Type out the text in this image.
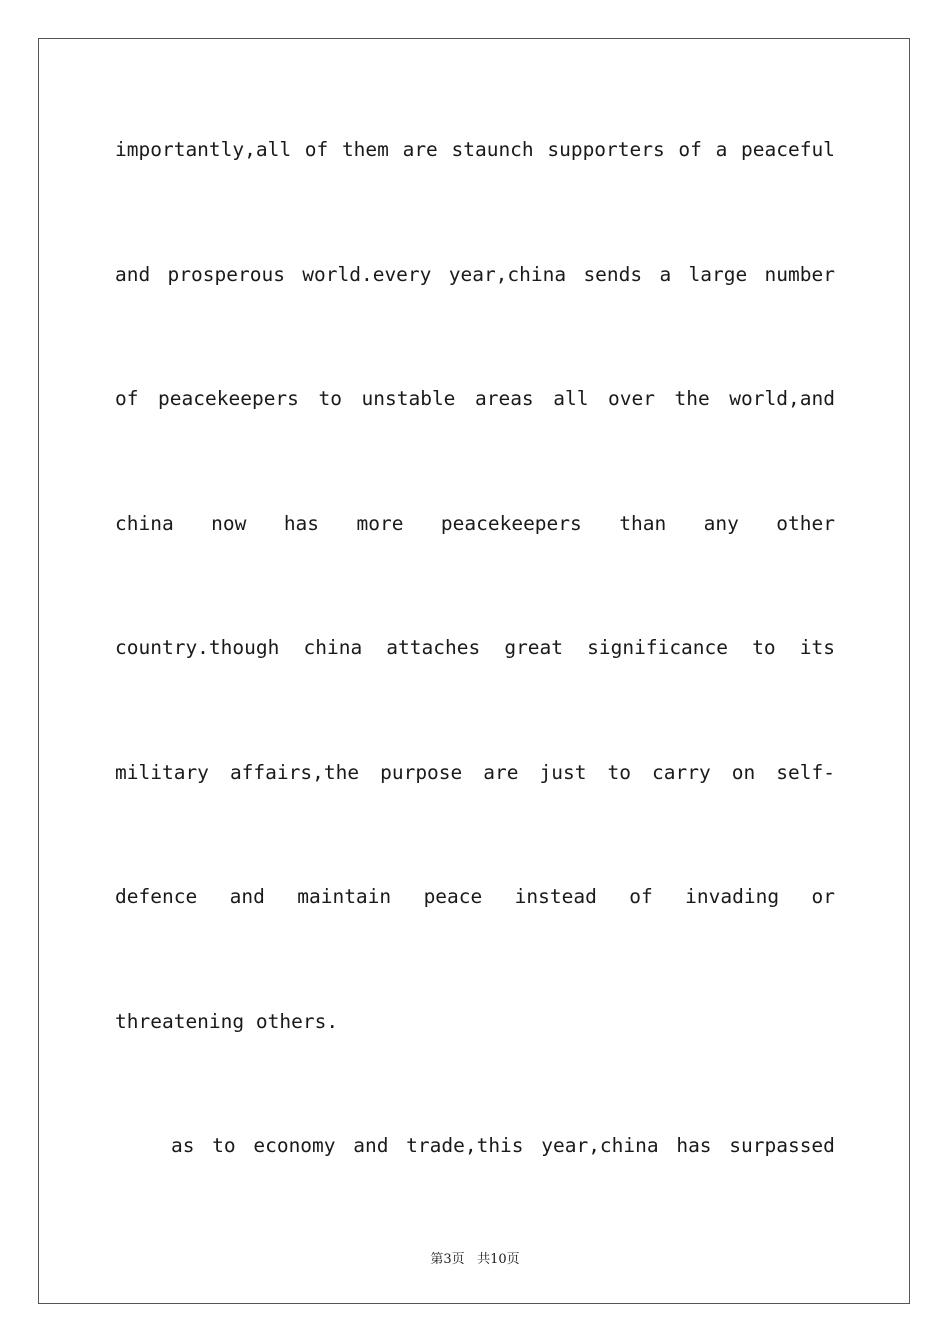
importantly,all of them are staunch supporters of a peaceful
and prosperous world.every year,china sends a large number
of peacekeepers to unstable areas all over the world,and
china now has more peacekeepers than any other
country.though china attaches great significance to its
military affairs,the purpose are just to carry on self-
defence and maintain peace instead of invading or
threatening others.
as to economy and trade,this year,china has surpassed
第3页 共10页
